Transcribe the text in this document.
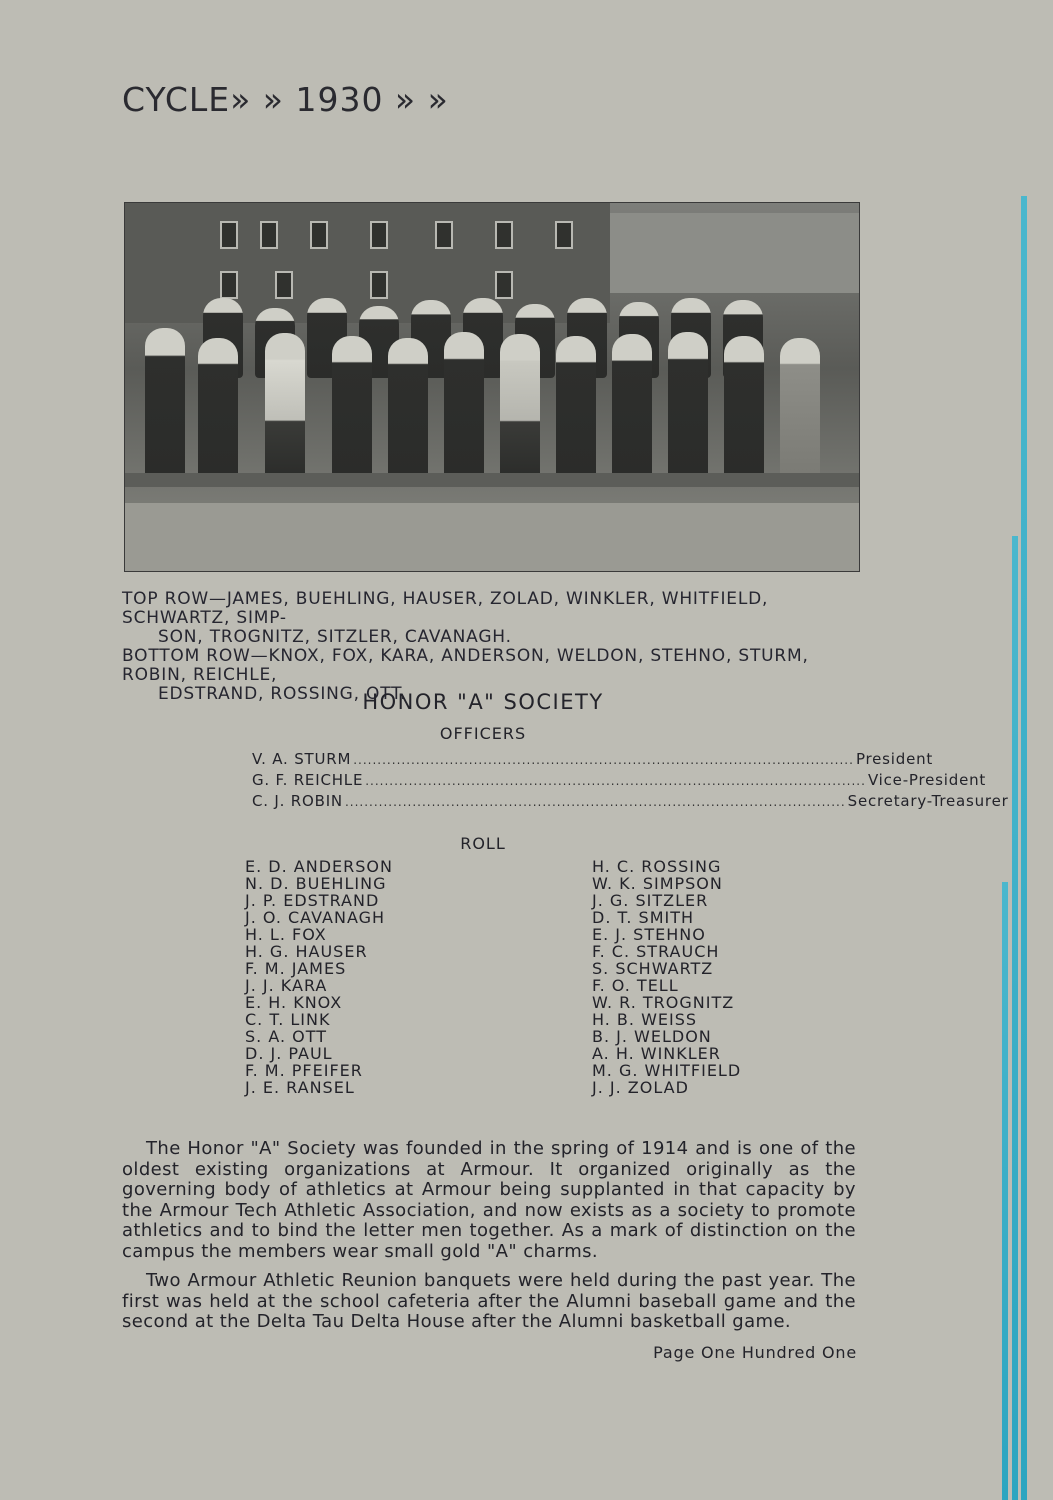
CYCLE» » 1930 » »
TOP ROW—JAMES, BUEHLING, HAUSER, ZOLAD, WINKLER, WHITFIELD, SCHWARTZ, SIMP-
SON, TROGNITZ, SITZLER, CAVANAGH.
BOTTOM ROW—KNOX, FOX, KARA, ANDERSON, WELDON, STEHNO, STURM, ROBIN, REICHLE,
EDSTRAND, ROSSING, OTT.
HONOR "A" SOCIETY
OFFICERS
V. A. STURM ........................................................................................................ President
G. F. REICHLE ........................................................................................................ Vice-President
C. J. ROBIN ........................................................................................................ Secretary-Treasurer
ROLL
E. D. ANDERSON
N. D. BUEHLING
J. P. EDSTRAND
J. O. CAVANAGH
H. L. FOX
H. G. HAUSER
F. M. JAMES
J. J. KARA
E. H. KNOX
C. T. LINK
S. A. OTT
D. J. PAUL
F. M. PFEIFER
J. E. RANSEL
H. C. ROSSING
W. K. SIMPSON
J. G. SITZLER
D. T. SMITH
E. J. STEHNO
F. C. STRAUCH
S. SCHWARTZ
F. O. TELL
W. R. TROGNITZ
H. B. WEISS
B. J. WELDON
A. H. WINKLER
M. G. WHITFIELD
J. J. ZOLAD

The Honor "A" Society was founded in the spring of 1914 and is one of the oldest existing organizations at Armour. It organized originally as the governing body of athletics at Armour being supplanted in that capacity by the Armour Tech Athletic Association, and now exists as a society to promote athletics and to bind the letter men together. As a mark of distinction on the campus the members wear small gold "A" charms.

Two Armour Athletic Reunion banquets were held during the past year. The first was held at the school cafeteria after the Alumni baseball game and the second at the Delta Tau Delta House after the Alumni basketball game.

Page One Hundred One
